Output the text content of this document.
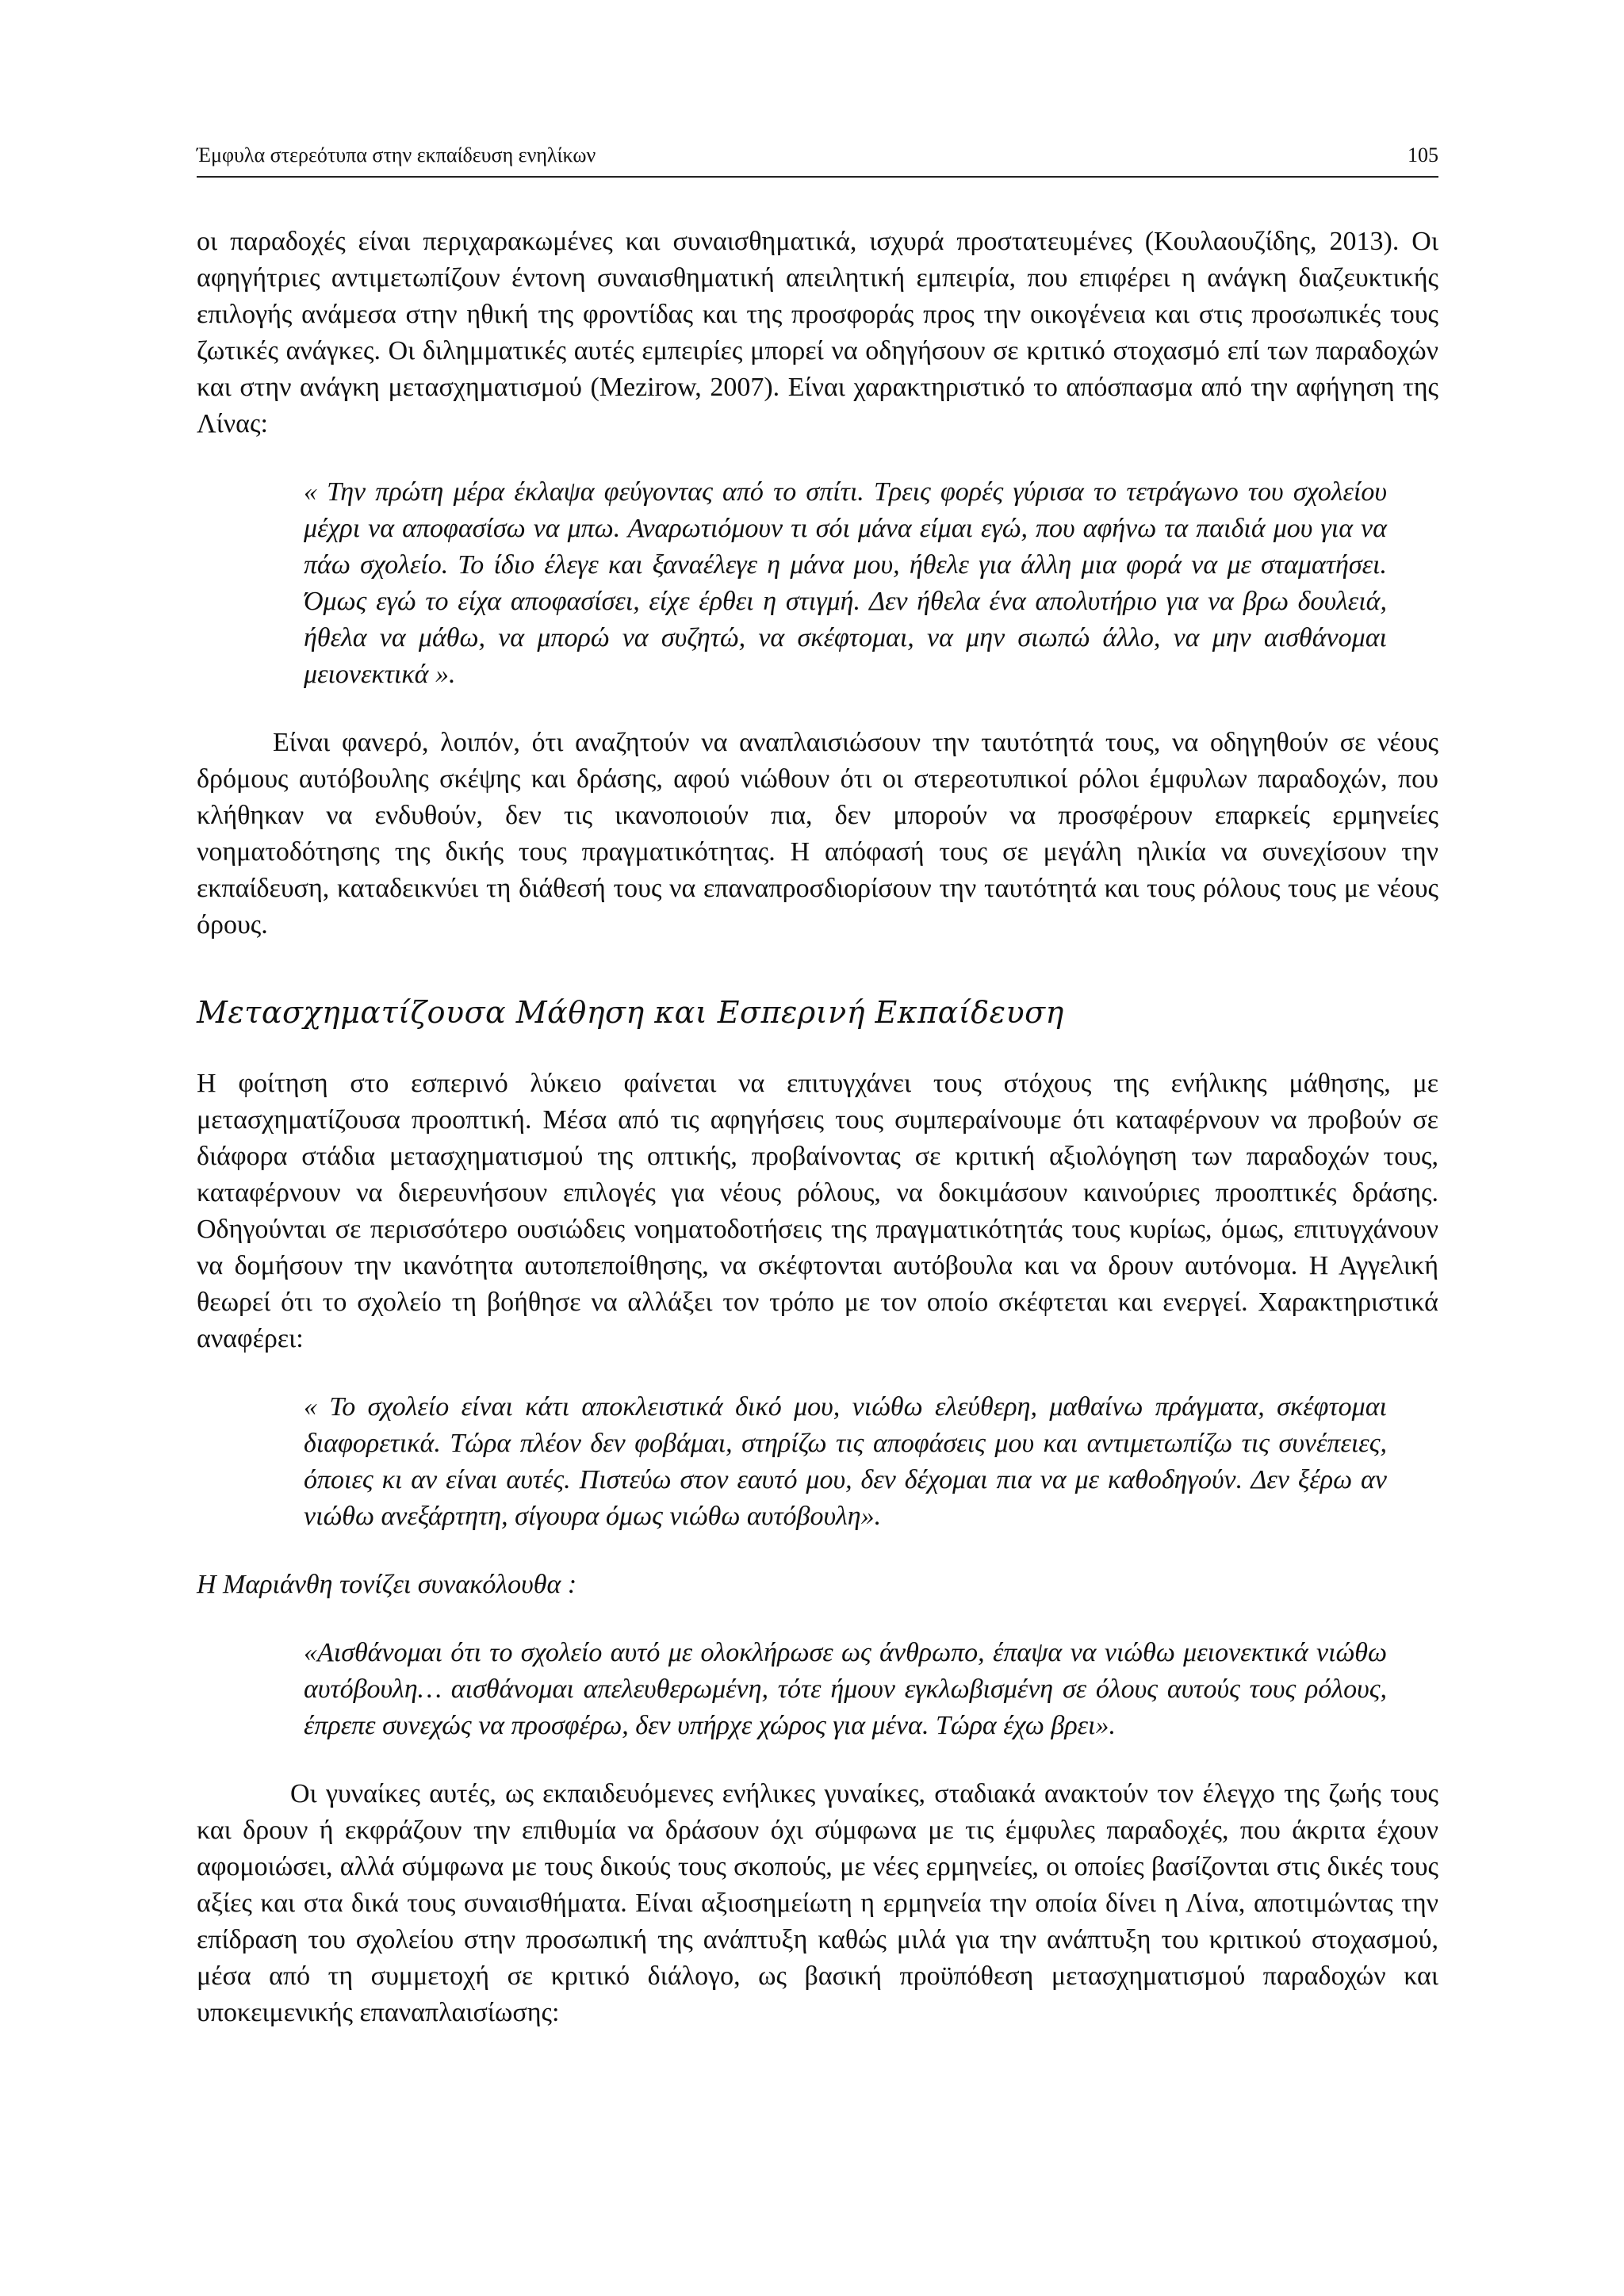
Έμφυλα στερεότυπα στην εκπαίδευση ενηλίκων	105

οι παραδοχές είναι περιχαρακωμένες και συναισθηματικά, ισχυρά προστατευμένες (Κουλαουζίδης, 2013). Οι αφηγήτριες αντιμετωπίζουν έντονη συναισθηματική απειλητική εμπειρία, που επιφέρει η ανάγκη διαζευκτικής επιλογής ανάμεσα στην ηθική της φροντίδας και της προσφοράς προς την οικογένεια και στις προσωπικές τους ζωτικές ανάγκες. Οι διλημματικές αυτές εμπειρίες μπορεί να οδηγήσουν σε κριτικό στοχασμό επί των παραδοχών και στην ανάγκη μετασχηματισμού (Mezirow, 2007). Είναι χαρακτηριστικό το απόσπασμα από την αφήγηση της Λίνας:

« Την πρώτη μέρα έκλαψα φεύγοντας από το σπίτι. Τρεις φορές γύρισα το τετράγωνο του σχολείου μέχρι να αποφασίσω να μπω. Αναρωτιόμουν τι σόι μάνα είμαι εγώ, που αφήνω τα παιδιά μου για να πάω σχολείο. Το ίδιο έλεγε και ξαναέλεγε η μάνα μου, ήθελε για άλλη μια φορά να με σταματήσει. Όμως εγώ το είχα αποφασίσει, είχε έρθει η στιγμή. Δεν ήθελα ένα απολυτήριο για να βρω δουλειά, ήθελα να μάθω, να μπορώ να συζητώ, να σκέφτομαι, να μην σιωπώ άλλο, να μην αισθάνομαι μειονεκτικά ».

Είναι φανερό, λοιπόν, ότι αναζητούν να αναπλαισιώσουν την ταυτότητά τους, να οδηγηθούν σε νέους δρόμους αυτόβουλης σκέψης και δράσης, αφού νιώθουν ότι οι στερεοτυπικοί ρόλοι έμφυλων παραδοχών, που κλήθηκαν να ενδυθούν, δεν τις ικανοποιούν πια, δεν μπορούν να προσφέρουν επαρκείς ερμηνείες νοηματοδότησης της δικής τους πραγματικότητας. Η απόφασή τους σε μεγάλη ηλικία να συνεχίσουν την εκπαίδευση, καταδεικνύει τη διάθεσή τους να επαναπροσδιορίσουν την ταυτότητά και τους ρόλους τους με νέους όρους.

Μετασχηματίζουσα Μάθηση και Εσπερινή Εκπαίδευση

Η φοίτηση στο εσπερινό λύκειο φαίνεται να επιτυγχάνει τους στόχους της ενήλικης μάθησης, με μετασχηματίζουσα προοπτική. Μέσα από τις αφηγήσεις τους συμπεραίνουμε ότι καταφέρνουν να προβούν σε διάφορα στάδια μετασχηματισμού της οπτικής, προβαίνοντας σε κριτική αξιολόγηση των παραδοχών τους, καταφέρνουν να διερευνήσουν επιλογές για νέους ρόλους, να δοκιμάσουν καινούριες προοπτικές δράσης. Οδηγούνται σε περισσότερο ουσιώδεις νοηματοδοτήσεις της πραγματικότητάς τους κυρίως, όμως, επιτυγχάνουν να δομήσουν την ικανότητα αυτοπεποίθησης, να σκέφτονται αυτόβουλα και να δρουν αυτόνομα. Η Αγγελική θεωρεί ότι το σχολείο τη βοήθησε να αλλάξει τον τρόπο με τον οποίο σκέφτεται και ενεργεί. Χαρακτηριστικά αναφέρει:

« Το σχολείο είναι κάτι αποκλειστικά δικό μου, νιώθω ελεύθερη, μαθαίνω πράγματα, σκέφτομαι διαφορετικά. Τώρα πλέον δεν φοβάμαι, στηρίζω τις αποφάσεις μου και αντιμετωπίζω τις συνέπειες, όποιες κι αν είναι αυτές. Πιστεύω στον εαυτό μου, δεν δέχομαι πια να με καθοδηγούν. Δεν ξέρω αν νιώθω ανεξάρτητη, σίγουρα όμως νιώθω αυτόβουλη».

Η Μαριάνθη τονίζει συνακόλουθα :

«Αισθάνομαι ότι το σχολείο αυτό με ολοκλήρωσε ως άνθρωπο, έπαψα να νιώθω μειονεκτικά νιώθω αυτόβουλη… αισθάνομαι απελευθερωμένη, τότε ήμουν εγκλωβισμένη σε όλους αυτούς τους ρόλους, έπρεπε συνεχώς να προσφέρω, δεν υπήρχε χώρος για μένα. Τώρα έχω βρει».

Οι γυναίκες αυτές, ως εκπαιδευόμενες ενήλικες γυναίκες, σταδιακά ανακτούν τον έλεγχο της ζωής τους και δρουν ή εκφράζουν την επιθυμία να δράσουν όχι σύμφωνα με τις έμφυλες παραδοχές, που άκριτα έχουν αφομοιώσει, αλλά σύμφωνα με τους δικούς τους σκοπούς, με νέες ερμηνείες, οι οποίες βασίζονται στις δικές τους αξίες και στα δικά τους συναισθήματα. Είναι αξιοσημείωτη η ερμηνεία την οποία δίνει η Λίνα, αποτιμώντας την επίδραση του σχολείου στην προσωπική της ανάπτυξη καθώς μιλά για την ανάπτυξη του κριτικού στοχασμού, μέσα από τη συμμετοχή σε κριτικό διάλογο, ως βασική προϋπόθεση μετασχηματισμού παραδοχών και υποκειμενικής επαναπλαισίωσης:
